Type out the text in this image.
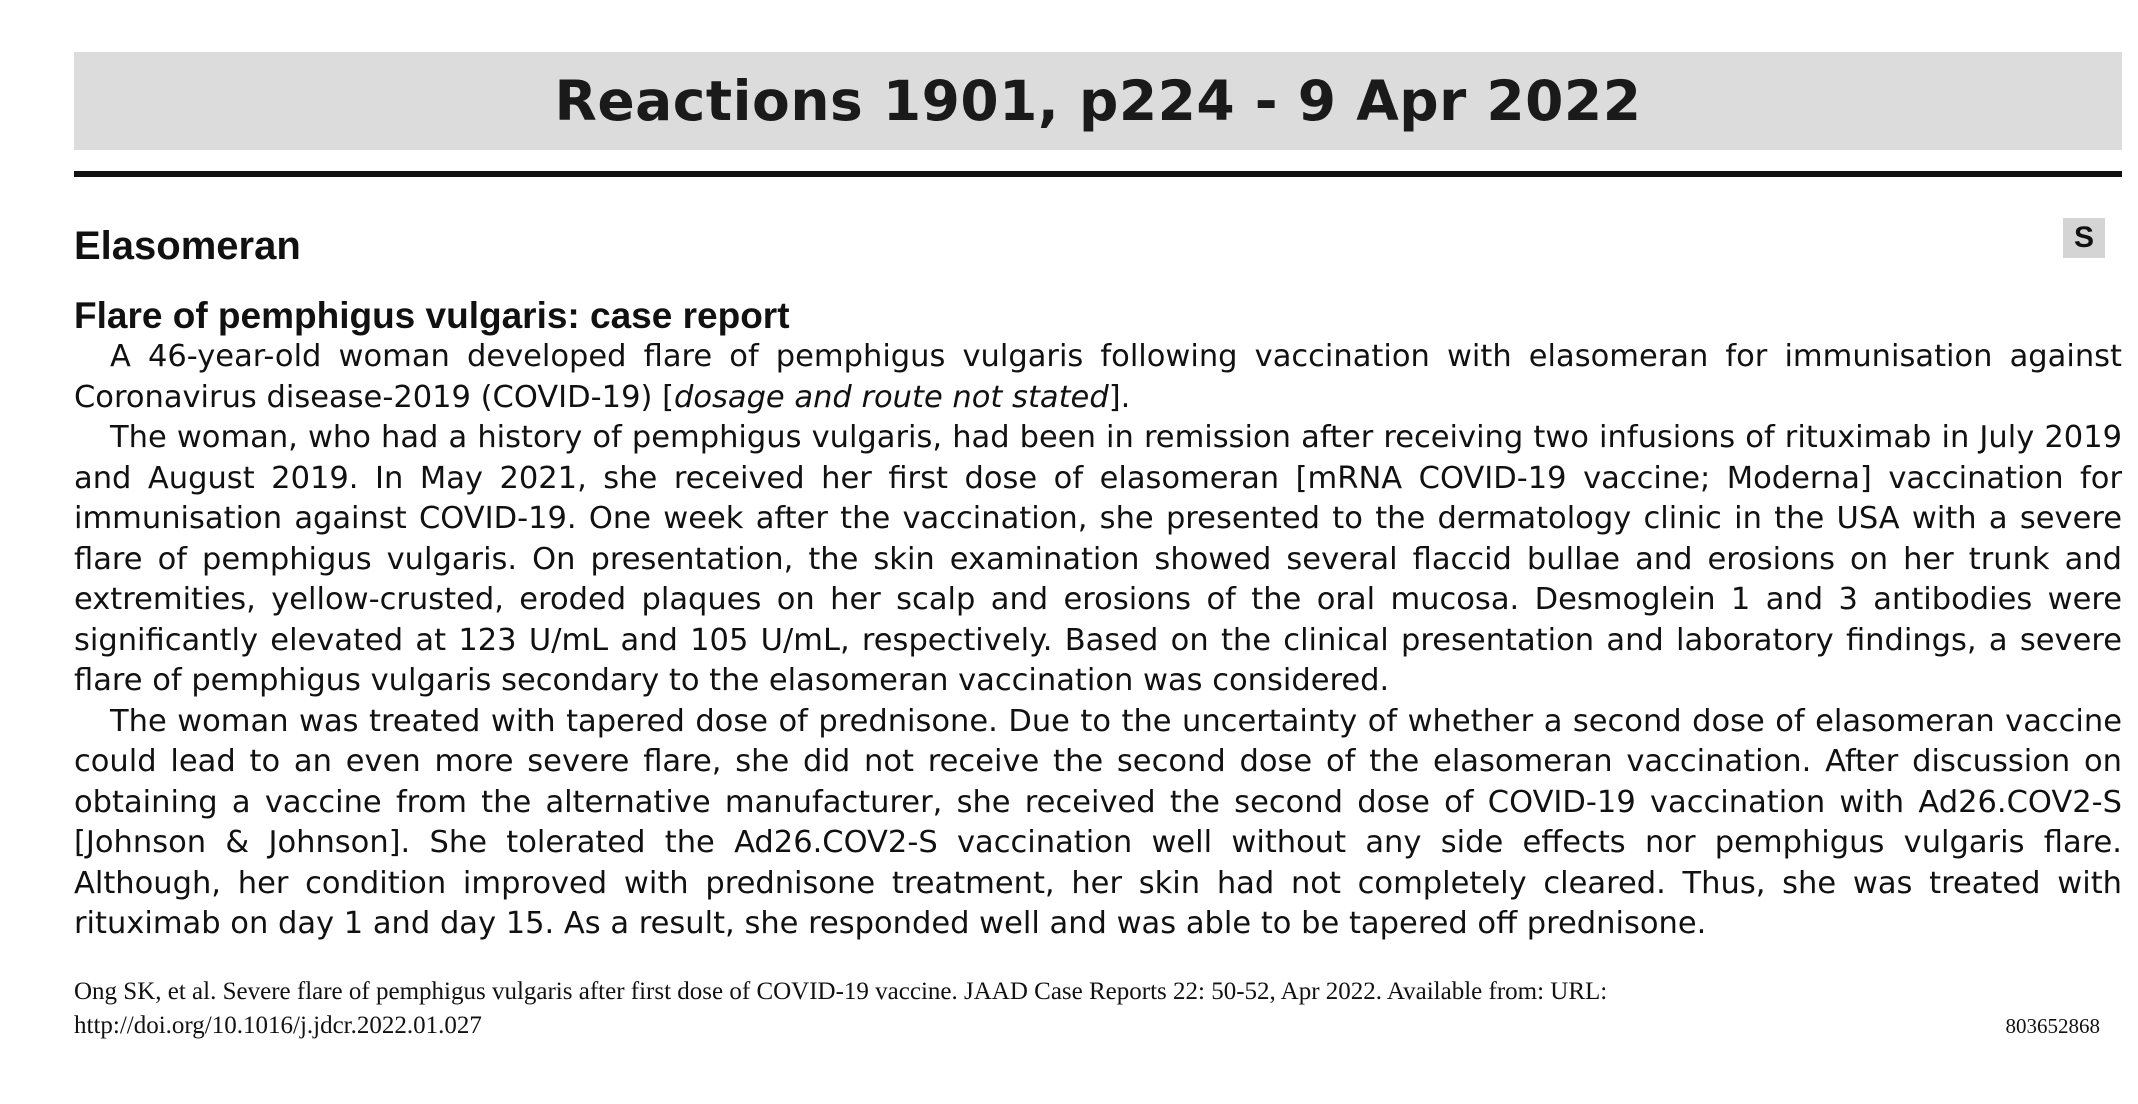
Reactions 1901, p224 - 9 Apr 2022
Elasomeran	S
Flare of pemphigus vulgaris: case report

A 46-year-old woman developed flare of pemphigus vulgaris following vaccination with elasomeran for immunisation against Coronavirus disease-2019 (COVID-19) [dosage and route not stated].

The woman, who had a history of pemphigus vulgaris, had been in remission after receiving two infusions of rituximab in July 2019 and August 2019. In May 2021, she received her first dose of elasomeran [mRNA COVID-19 vaccine; Moderna] vaccination for immunisation against COVID-19. One week after the vaccination, she presented to the dermatology clinic in the USA with a severe flare of pemphigus vulgaris. On presentation, the skin examination showed several flaccid bullae and erosions on her trunk and extremities, yellow-crusted, eroded plaques on her scalp and erosions of the oral mucosa. Desmoglein 1 and 3 antibodies were significantly elevated at 123 U/mL and 105 U/mL, respectively. Based on the clinical presentation and laboratory findings, a severe flare of pemphigus vulgaris secondary to the elasomeran vaccination was considered.

The woman was treated with tapered dose of prednisone. Due to the uncertainty of whether a second dose of elasomeran vaccine could lead to an even more severe flare, she did not receive the second dose of the elasomeran vaccination. After discussion on obtaining a vaccine from the alternative manufacturer, she received the second dose of COVID-19 vaccination with Ad26.COV2-S [Johnson & Johnson]. She tolerated the Ad26.COV2-S vaccination well without any side effects nor pemphigus vulgaris flare. Although, her condition improved with prednisone treatment, her skin had not completely cleared. Thus, she was treated with rituximab on day 1 and day 15. As a result, she responded well and was able to be tapered off prednisone.

Ong SK, et al. Severe flare of pemphigus vulgaris after first dose of COVID-19 vaccine. JAAD Case Reports 22: 50-52, Apr 2022. Available from: URL: http://doi.org/10.1016/j.jdcr.2022.01.027	803652868
